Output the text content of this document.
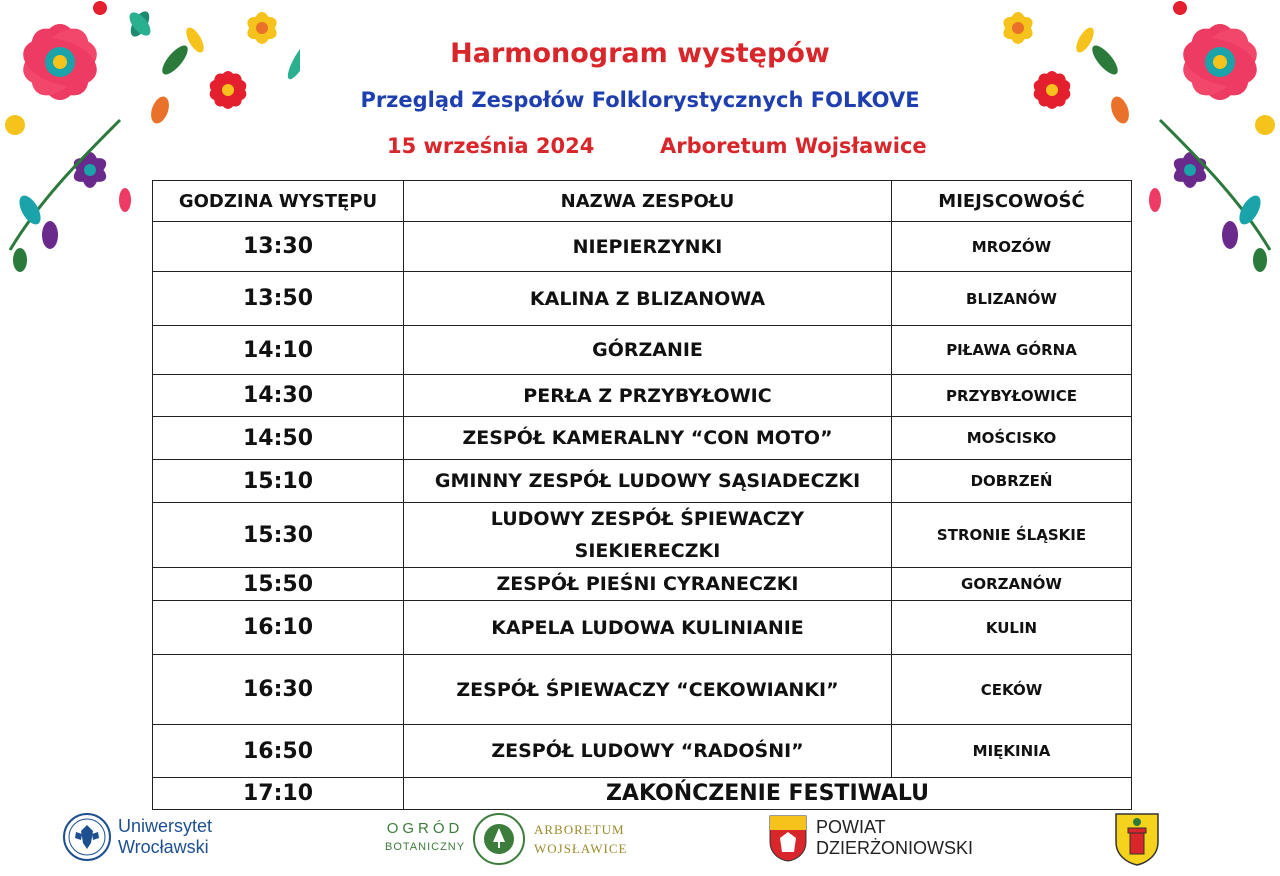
Harmonogram występów
Przegląd Zespołów Folklorystycznych FOLKOVE
15 września 2024	Arboretum Wojsławice
GODZINA WYSTĘPU	NAZWA ZESPOŁU	MIEJSCOWOŚĆ
13:30	NIEPIERZYNKI	MROZÓW
13:50	KALINA Z BLIZANOWA	BLIZANÓW
14:10	GÓRZANIE	PIŁAWA GÓRNA
14:30	PERŁA Z PRZYBYŁOWIC	PRZYBYŁOWICE
14:50	ZESPÓŁ KAMERALNY “CON MOTO”	MOŚCISKO
15:10	GMINNY ZESPÓŁ LUDOWY SĄSIADECZKI	DOBRZEŃ
15:30	LUDOWY ZESPÓŁ ŚPIEWACZY SIEKIERECZKI	STRONIE ŚLĄSKIE
15:50	ZESPÓŁ PIEŚNI CYRANECZKI	GORZANÓW
16:10	KAPELA LUDOWA KULINIANIE	KULIN
16:30	ZESPÓŁ ŚPIEWACZY “CEKOWIANKI”	CEKÓW
16:50	ZESPÓŁ LUDOWY “RADOŚNI”	MIĘKINIA
17:10	ZAKOŃCZENIE FESTIWALU	
Uniwersytet
Wrocławski
OGRÓD
BOTANICZNY
ARBORETUM
WOJSŁAWICE
POWIAT
DZIERŻONIOWSKI
